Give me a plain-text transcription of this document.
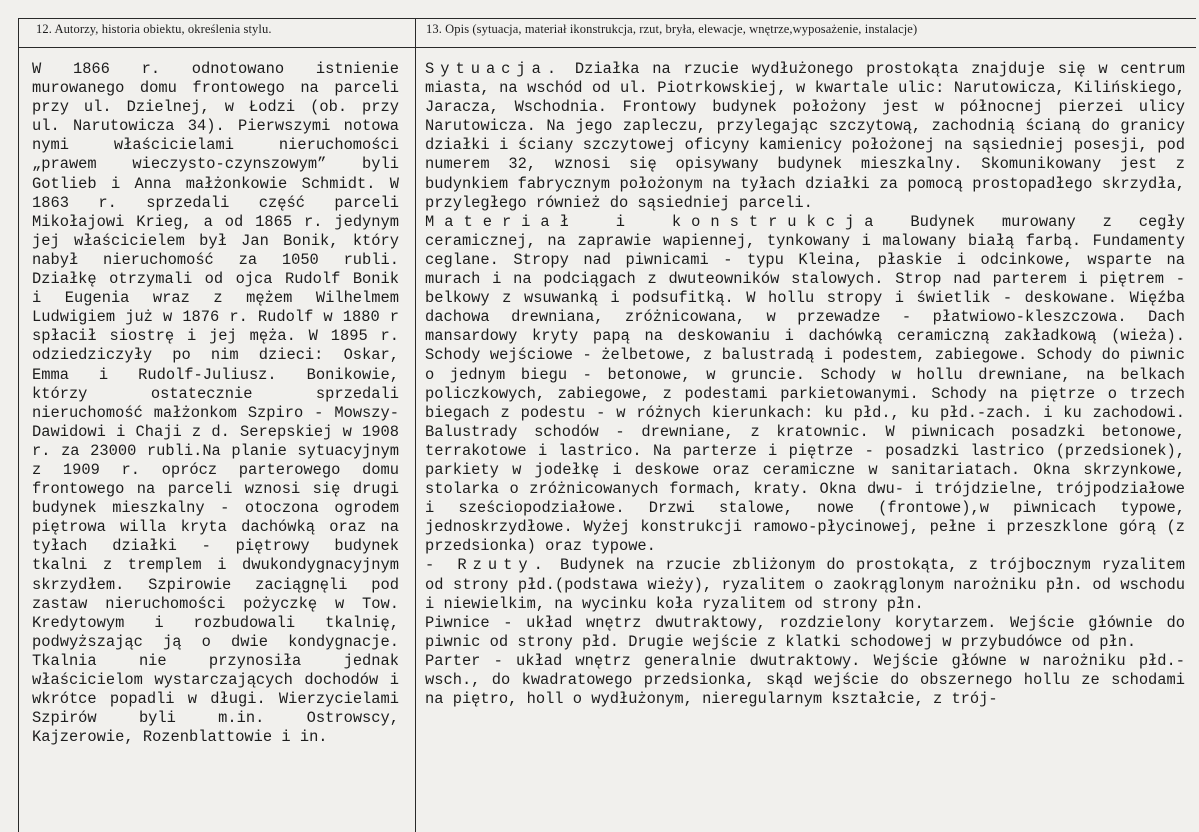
12. Autorzy, historia obiektu, określenia stylu.	13. Opis (sytuacja, materiał ikonstrukcja, rzut, bryła, elewacje, wnętrze,wyposażenie, instalacje)

W 1866 r. odnotowano istnienie murowanego domu frontowego na parceli przy ul. Dzielnej, w Łodzi (ob. przy ul. Narutowicza 34). Pierwszymi notowa nymi właścicielami nieruchomości „prawem wieczysto-czynszowym” byli Gotlieb i Anna małżonkowie Schmidt. W 1863 r. sprzedali część parceli Mikołajowi Krieg, a od 1865 r. jedynym jej właścicielem był Jan Bonik, który nabył nieruchomość za 1050 rubli. Działkę otrzymali od ojca Rudolf Bonik i Eugenia wraz z mężem Wilhelmem Ludwigiem już w 1876 r. Rudolf w 1880 r spłacił siostrę i jej męża. W 1895 r. odziedziczyły po nim dzieci: Oskar, Emma i Rudolf-Juliusz. Bonikowie, którzy ostatecznie sprzedali nieruchomość małżonkom Szpiro - Mowszy-Dawidowi i Chaji z d. Serepskiej w 1908 r. za 23000 rubli.Na planie sytuacyjnym z 1909 r. oprócz parterowego domu frontowego na parceli wznosi się drugi budynek mieszkalny - otoczona ogrodem piętrowa willa kryta dachówką oraz na tyłach działki - piętrowy budynek tkalni z tremplem i dwukondygnacyjnym skrzydłem. Szpirowie zaciągnęli pod zastaw nieruchomości pożyczkę w Tow. Kredytowym i rozbudowali tkalnię, podwyższając ją o dwie kondygnacje. Tkalnia nie przynosiła jednak właścicielom wystarczających dochodów i wkrótce popadli w długi. Wierzycielami Szpirów byli m.in. Ostrowscy, Kajzerowie, Rozenblattowie i in.

Sytuacja. Działka na rzucie wydłużonego prostokąta znajduje się w centrum miasta, na wschód od ul. Piotrkowskiej, w kwartale ulic: Narutowicza, Kilińskiego, Jaracza, Wschodnia. Frontowy budynek położony jest w północnej pierzei ulicy Narutowicza. Na jego zapleczu, przylegając szczytową, zachodnią ścianą do granicy działki i ściany szczytowej oficyny kamienicy położonej na sąsiedniej posesji, pod numerem 32, wznosi się opisywany budynek mieszkalny. Skomunikowany jest z budynkiem fabrycznym położonym na tyłach działki za pomocą prostopadłego skrzydła, przyległego również do sąsiedniej parceli.

Materiał i konstrukcja Budynek murowany z cegły ceramicznej, na zaprawie wapiennej, tynkowany i malowany białą farbą. Fundamenty ceglane. Stropy nad piwnicami - typu Kleina, płaskie i odcinkowe, wsparte na murach i na podciągach z dwuteowników stalowych. Strop nad parterem i piętrem - belkowy z wsuwanką i podsufitką. W hollu stropy i świetlik - deskowane. Więźba dachowa drewniana, zróżnicowana, w przewadze - płatwiowo-kleszczowa. Dach mansardowy kryty papą na deskowaniu i dachówką ceramiczną zakładkową (wieża). Schody wejściowe - żelbetowe, z balustradą i podestem, zabiegowe. Schody do piwnic o jednym biegu - betonowe, w gruncie. Schody w hollu drewniane, na belkach policzkowych, zabiegowe, z podestami parkietowanymi. Schody na piętrze o trzech biegach z podestu - w różnych kierunkach: ku płd., ku płd.-zach. i ku zachodowi. Balustrady schodów - drewniane, z kratownic. W piwnicach posadzki betonowe, terrakotowe i lastrico. Na parterze i piętrze - posadzki lastrico (przedsionek), parkiety w jodełkę i deskowe oraz ceramiczne w sanitariatach. Okna skrzynkowe, stolarka o zróżnicowanych formach, kraty. Okna dwu- i trójdzielne, trójpodziałowe i sześciopodziałowe. Drzwi stalowe, nowe (frontowe),w piwnicach typowe, jednoskrzydłowe. Wyżej konstrukcji ramowo-płycinowej, pełne i przeszklone górą (z przedsionka) oraz typowe.

- Rzuty. Budynek na rzucie zbliżonym do prostokąta, z trójbocznym ryzalitem od strony płd.(podstawa wieży), ryzalitem o zaokrąglonym narożniku płn. od wschodu i niewielkim, na wycinku koła ryzalitem od strony płn.

Piwnice - układ wnętrz dwutraktowy, rozdzielony korytarzem. Wejście głównie do piwnic od strony płd. Drugie wejście z klatki schodowej w przybudówce od płn.

Parter - układ wnętrz generalnie dwutraktowy. Wejście główne w narożniku płd.-wsch., do kwadratowego przedsionka, skąd wejście do obszernego hollu ze schodami na piętro, holl o wydłużonym, nieregularnym kształcie, z trój-
